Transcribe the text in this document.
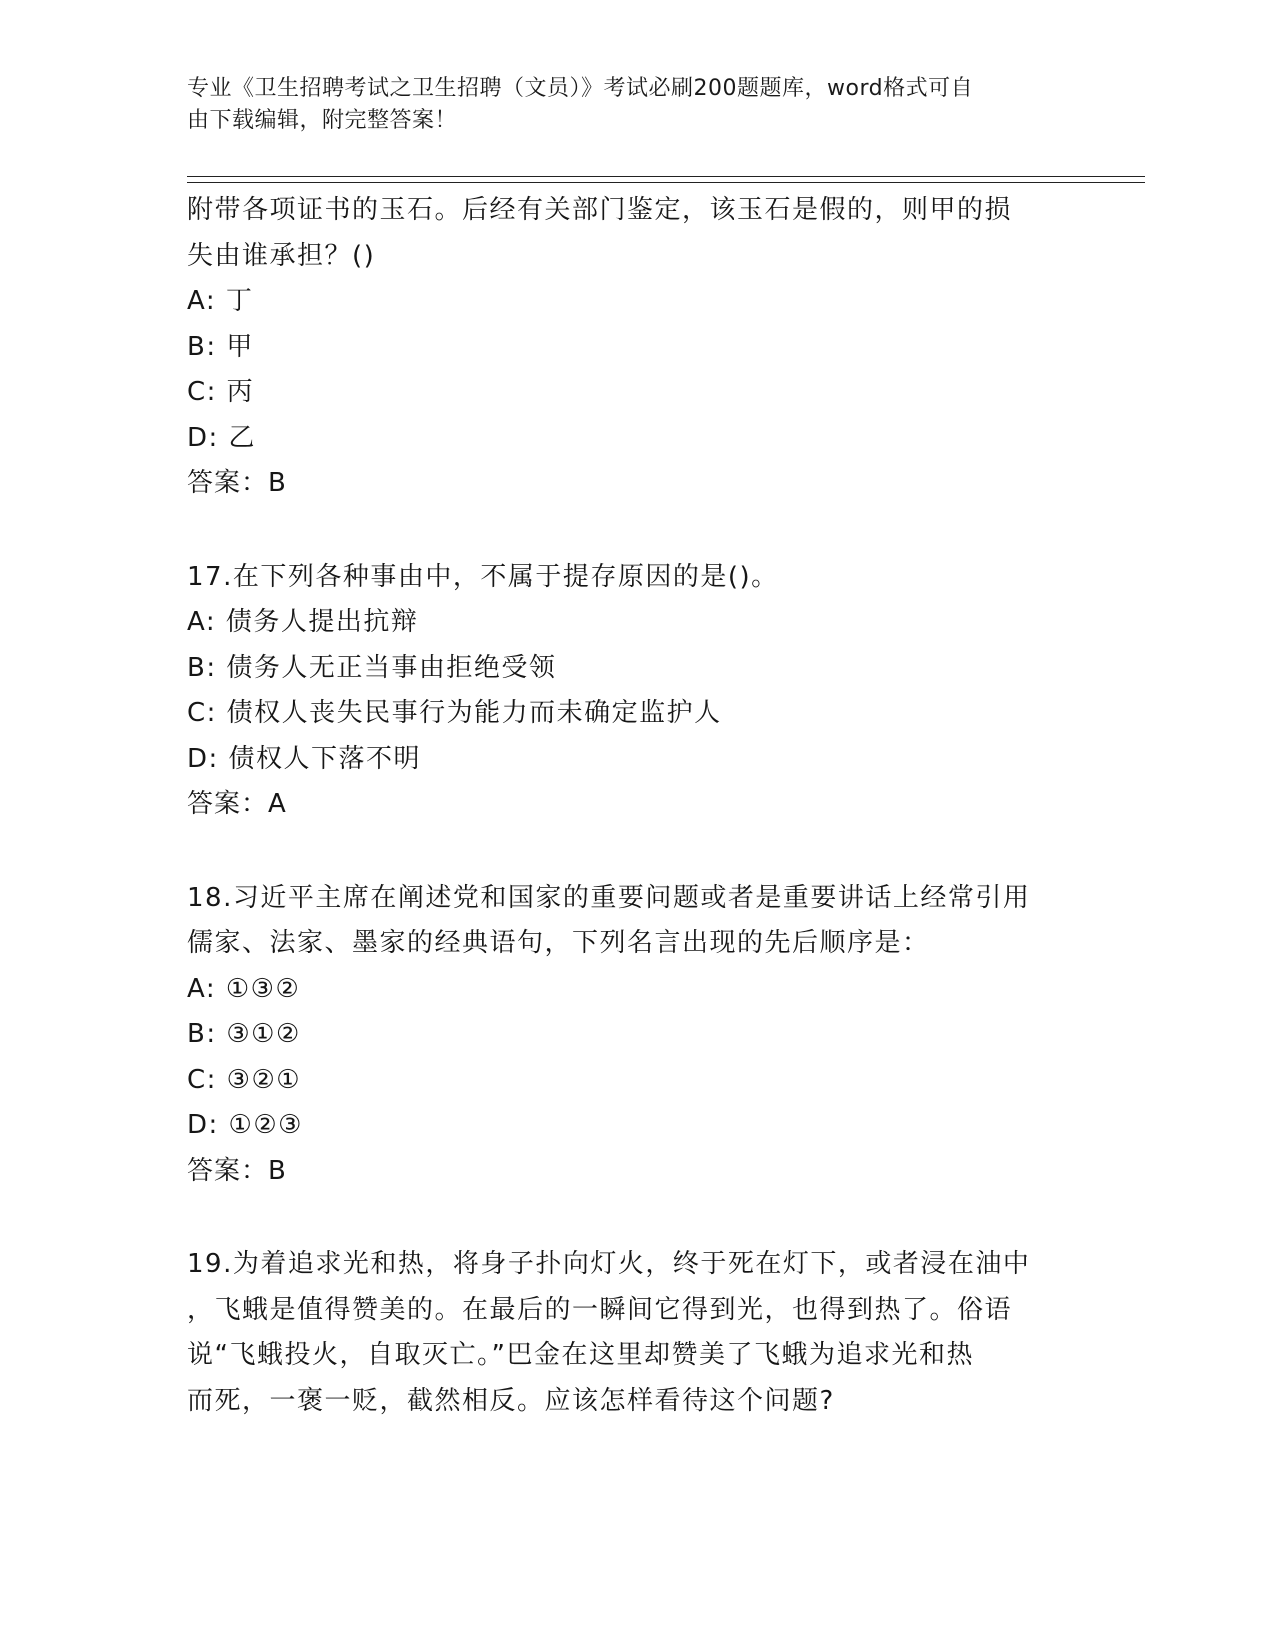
专业《卫生招聘考试之卫生招聘（文员）》考试必刷200题题库，word格式可自
由下载编辑，附完整答案！
附带各项证书的玉石。后经有关部门鉴定，该玉石是假的，则甲的损
失由谁承担？()
A: 丁
B: 甲
C: 丙
D: 乙
答案：B
17.在下列各种事由中，不属于提存原因的是()。
A: 债务人提出抗辩
B: 债务人无正当事由拒绝受领
C: 债权人丧失民事行为能力而未确定监护人
D: 债权人下落不明
答案：A
18.习近平主席在阐述党和国家的重要问题或者是重要讲话上经常引用
儒家、法家、墨家的经典语句，下列名言出现的先后顺序是：
A: ①③②
B: ③①②
C: ③②①
D: ①②③
答案：B
19.为着追求光和热，将身子扑向灯火，终于死在灯下，或者浸在油中
，飞蛾是值得赞美的。在最后的一瞬间它得到光，也得到热了。俗语
说“飞蛾投火，自取灭亡。”巴金在这里却赞美了飞蛾为追求光和热
而死，一褒一贬，截然相反。应该怎样看待这个问题?
